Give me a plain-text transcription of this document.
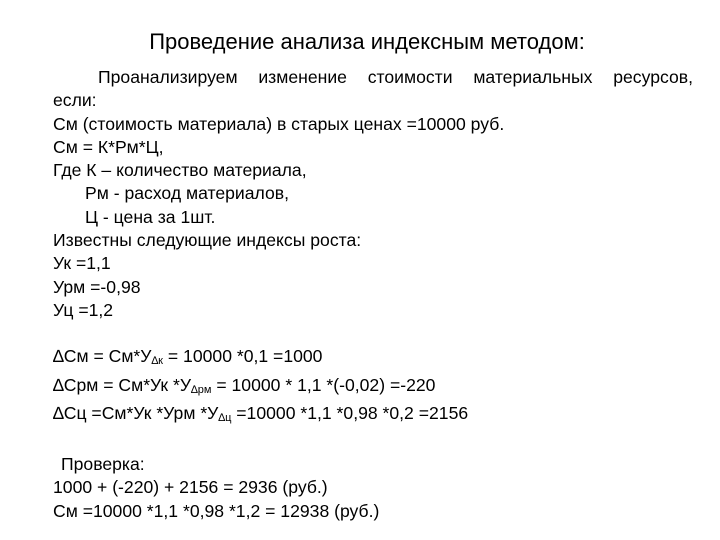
Проведение анализа индексным методом:
Проанализируем изменение стоимости материальных ресурсов,
если:
См (стоимость материала) в старых ценах =10000 руб.
См = К*Рм*Ц,
Где К – количество материала,
Рм - расход материалов,
Ц - цена за 1шт.
Известны следующие индексы роста:
Ук =1,1
Урм =-0,98
Уц =1,2
$\Delta См = См*У_{\Delta к} = 10000$ *0,1 =1000
∆Срм = См*Ук $*У_{\Delta рм} = 10000 * 1,1$ *(-0,02) =-220
∆Сц =См*Ук *Урм $*У_{\Delta ц} =10000$ *1,1 *0,98 *0,2 =2156
Проверка:
1000 + (-220) + 2156 = 2936 (руб.)
См =10000 *1,1 *0,98 *1,2 = 12938 (руб.)
